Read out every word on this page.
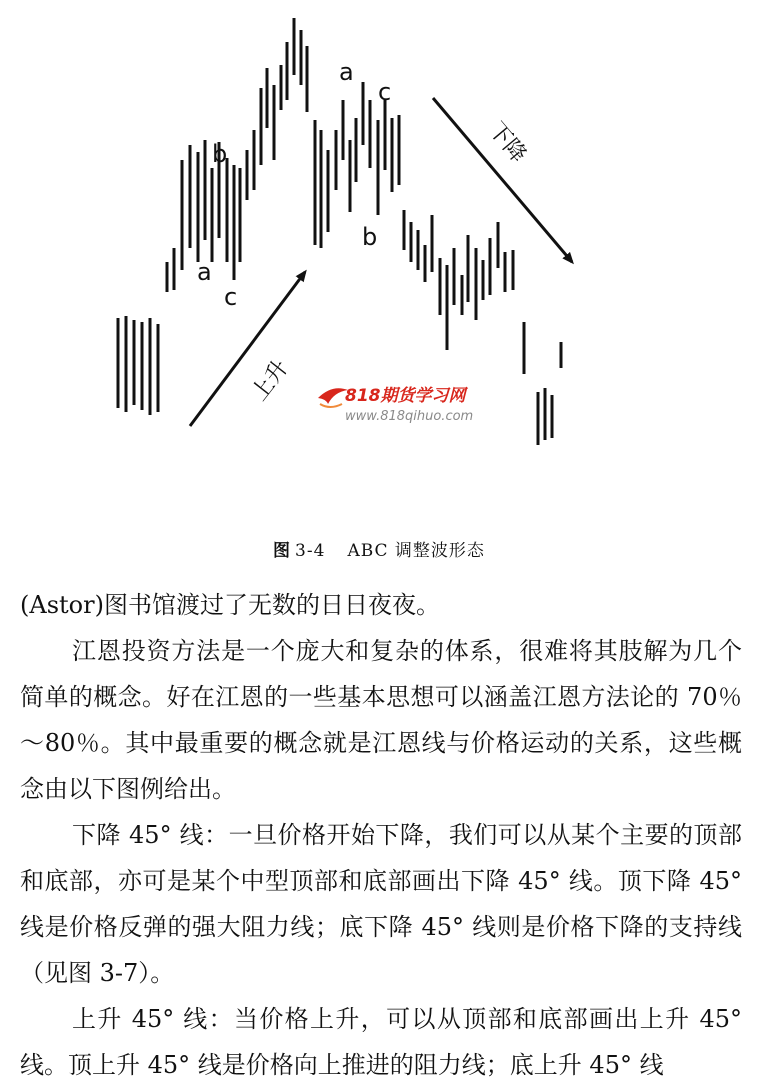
a
b
c
a
c
b
上升
下降
818期货学习网
www.818qihuo.com
图 3-4 ABC 调整波形态

(Astor)图书馆渡过了无数的日日夜夜。

江恩投资方法是一个庞大和复杂的体系，很难将其肢解为几个简单的概念。好在江恩的一些基本思想可以涵盖江恩方法论的 70％～80％。其中最重要的概念就是江恩线与价格运动的关系，这些概念由以下图例给出。

下降 45° 线：一旦价格开始下降，我们可以从某个主要的顶部和底部，亦可是某个中型顶部和底部画出下降 45° 线。顶下降 45° 线是价格反弹的强大阻力线；底下降 45° 线则是价格下降的支持线（见图 3-7）。

上升 45° 线：当价格上升，可以从顶部和底部画出上升 45° 线。顶上升 45° 线是价格向上推进的阻力线；底上升 45° 线
